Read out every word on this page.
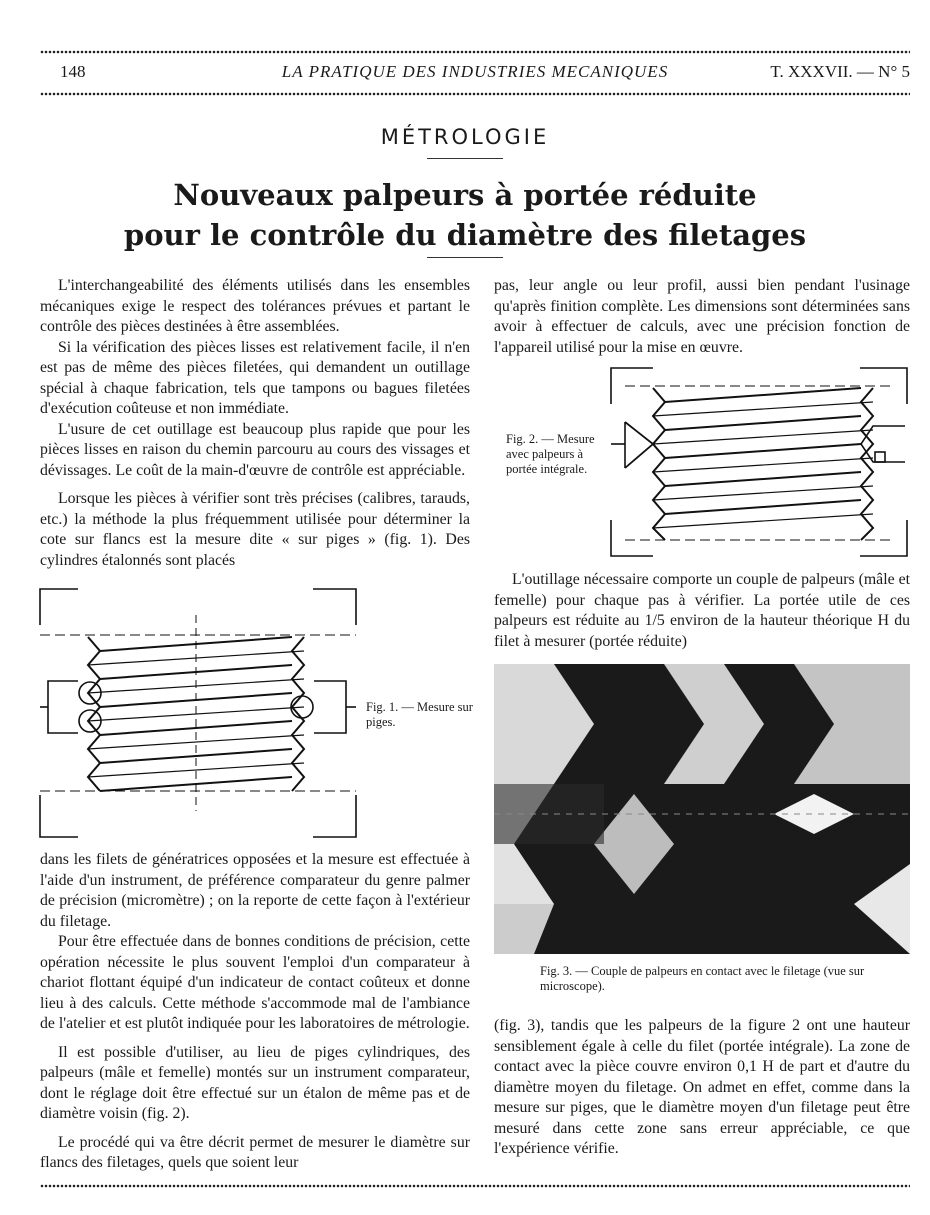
148	LA PRATIQUE DES INDUSTRIES MECANIQUES	T. XXXVII. — N° 5
MÉTROLOGIE
Nouveaux palpeurs à portée réduite
pour le contrôle du diamètre des filetages

L'interchangeabilité des éléments utilisés dans les ensembles mécaniques exige le respect des tolérances prévues et partant le contrôle des pièces destinées à être assemblées.

Si la vérification des pièces lisses est relativement facile, il n'en est pas de même des pièces filetées, qui demandent un outillage spécial à chaque fabrication, tels que tampons ou bagues filetées d'exécution coûteuse et non immédiate.

L'usure de cet outillage est beaucoup plus rapide que pour les pièces lisses en raison du chemin parcouru au cours des vissages et dévissages. Le coût de la main-d'œuvre de contrôle est appréciable.

Lorsque les pièces à vérifier sont très précises (calibres, tarauds, etc.) la méthode la plus fréquemment utilisée pour déterminer la cote sur flancs est la mesure dite « sur piges » (fig. 1). Des cylindres étalonnés sont placés

Fig. 1. — Mesure sur piges.

dans les filets de génératrices opposées et la mesure est effectuée à l'aide d'un instrument, de préférence comparateur du genre palmer de précision (micromètre) ; on la reporte de cette façon à l'extérieur du filetage.

Pour être effectuée dans de bonnes conditions de précision, cette opération nécessite le plus souvent l'emploi d'un comparateur à chariot flottant équipé d'un indicateur de contact coûteux et donne lieu à des calculs. Cette méthode s'accommode mal de l'ambiance de l'atelier et est plutôt indiquée pour les laboratoires de métrologie.

Il est possible d'utiliser, au lieu de piges cylindriques, des palpeurs (mâle et femelle) montés sur un instrument comparateur, dont le réglage doit être effectué sur un étalon de même pas et de diamètre voisin (fig. 2).

Le procédé qui va être décrit permet de mesurer le diamètre sur flancs des filetages, quels que soient leur

pas, leur angle ou leur profil, aussi bien pendant l'usinage qu'après finition complète. Les dimensions sont déterminées sans avoir à effectuer de calculs, avec une précision fonction de l'appareil utilisé pour la mise en œuvre.

Fig. 2. — Mesure avec palpeurs à portée intégrale.

L'outillage nécessaire comporte un couple de palpeurs (mâle et femelle) pour chaque pas à vérifier. La portée utile de ces palpeurs est réduite au 1/5 environ de la hauteur théorique H du filet à mesurer (portée réduite)

Fig. 3. — Couple de palpeurs en contact avec le filetage (vue sur microscope).

(fig. 3), tandis que les palpeurs de la figure 2 ont une hauteur sensiblement égale à celle du filet (portée intégrale). La zone de contact avec la pièce couvre environ 0,1 H de part et d'autre du diamètre moyen du filetage. On admet en effet, comme dans la mesure sur piges, que le diamètre moyen d'un filetage peut être mesuré dans cette zone sans erreur appréciable, ce que l'expérience vérifie.
